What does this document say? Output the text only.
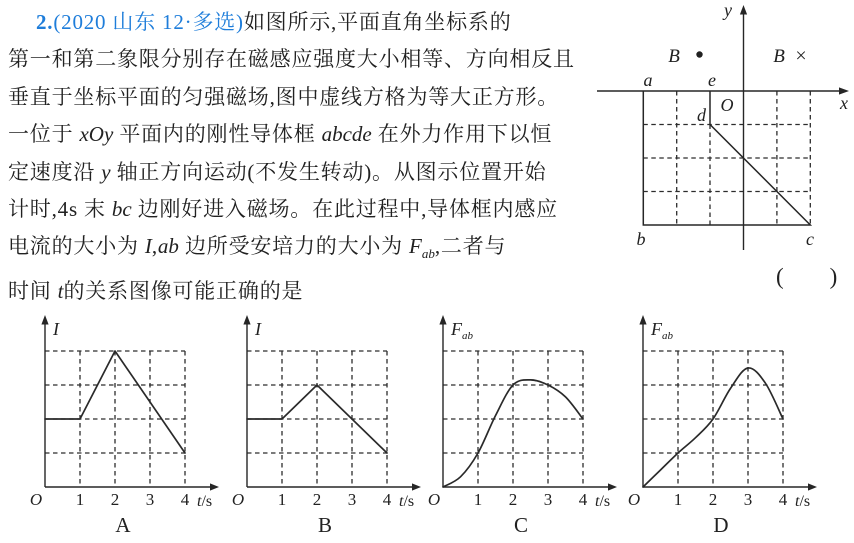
2.(2020 山东 12·多选)如图所示,平面直角坐标系的
第一和第二象限分别存在磁感应强度大小相等、方向相反且
垂直于坐标平面的匀强磁场,图中虚线方格为等大正方形。
一位于 xOy 平面内的刚性导体框 abcde 在外力作用下以恒
定速度沿 y 轴正方向运动(不发生转动)。从图示位置开始
计时,4s 末 bc 边刚好进入磁场。在此过程中,导体框内感应
电流的大小为 I,ab 边所受安培力的大小为 $F_{ab}$,二者与
时间 t的关系图像可能正确的是
(        )
x
y
O
a	e
d
b	c
B	B ×
O 1 2 3 4 t/s
I
A
O 1 2 3 4 t/s
I
B
O 1 2 3 4 t/s
$F_{ab}$
C
O 1 2 3 4 t/s
$F_{ab}$
D
